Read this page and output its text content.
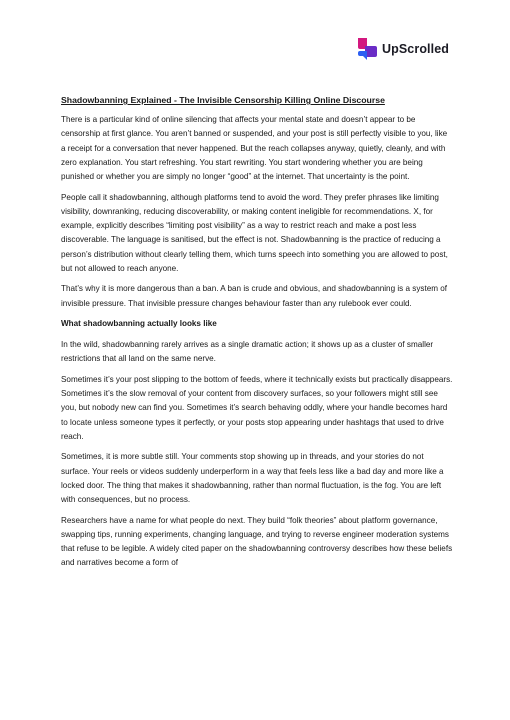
UpScrolled
Shadowbanning Explained - The Invisible Censorship Killing Online Discourse

There is a particular kind of online silencing that affects your mental state and doesn’t appear to be censorship at first glance. You aren’t banned or suspended, and your post is still perfectly visible to you, like a receipt for a conversation that never happened. But the reach collapses anyway, quietly, cleanly, and with zero explanation. You start refreshing. You start rewriting. You start wondering whether you are being punished or whether you are simply no longer “good” at the internet. That uncertainty is the point.

People call it shadowbanning, although platforms tend to avoid the word. They prefer phrases like limiting visibility, downranking, reducing discoverability, or making content ineligible for recommendations. X, for example, explicitly describes “limiting post visibility” as a way to restrict reach and make a post less discoverable. The language is sanitised, but the effect is not. Shadowbanning is the practice of reducing a person’s distribution without clearly telling them, which turns speech into something you are allowed to post, but not allowed to reach anyone.

That’s why it is more dangerous than a ban. A ban is crude and obvious, and shadowbanning is a system of invisible pressure. That invisible pressure changes behaviour faster than any rulebook ever could.

What shadowbanning actually looks like

In the wild, shadowbanning rarely arrives as a single dramatic action; it shows up as a cluster of smaller restrictions that all land on the same nerve.

Sometimes it’s your post slipping to the bottom of feeds, where it technically exists but practically disappears. Sometimes it’s the slow removal of your content from discovery surfaces, so your followers might still see you, but nobody new can find you. Sometimes it’s search behaving oddly, where your handle becomes hard to locate unless someone types it perfectly, or your posts stop appearing under hashtags that used to drive reach.

Sometimes, it is more subtle still. Your comments stop showing up in threads, and your stories do not surface. Your reels or videos suddenly underperform in a way that feels less like a bad day and more like a locked door. The thing that makes it shadowbanning, rather than normal fluctuation, is the fog. You are left with consequences, but no process.

Researchers have a name for what people do next. They build “folk theories” about platform governance, swapping tips, running experiments, changing language, and trying to reverse engineer moderation systems that refuse to be legible. A widely cited paper on the shadowbanning controversy describes how these beliefs and narratives become a form of
